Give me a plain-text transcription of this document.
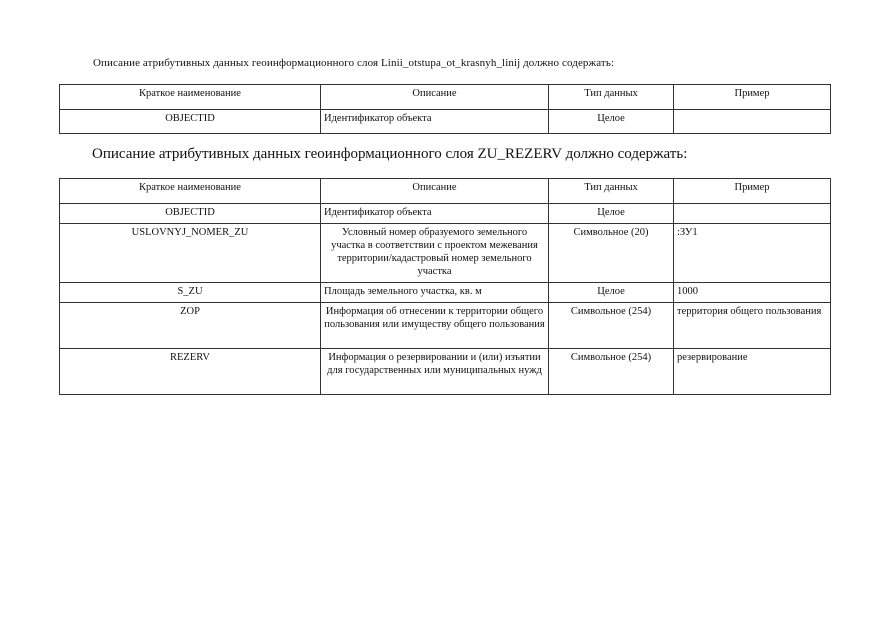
Описание атрибутивных данных геоинформационного слоя Linii_otstupa_ot_krasnyh_linij должно содержать:
Краткое наименование	Описание	Тип данных	Пример
OBJECTID	Идентификатор объекта	Целое	
Описание атрибутивных данных геоинформационного слоя ZU_REZERV должно содержать:
Краткое наименование	Описание	Тип данных	Пример
OBJECTID	Идентификатор объекта	Целое	
USLOVNYJ_NOMER_ZU	Условный номер образуемого земельного участка в соответствии с проектом межевания территории/кадастровый номер земельного участка	Символьное (20)	:ЗУ1
S_ZU	Площадь земельного участка, кв. м	Целое	1000
ZOP	Информация об отнесении к территории общего пользования или имуществу общего пользования	Символьное (254)	территория общего пользования
REZERV	Информация о резервировании и (или) изъятии для государственных или муниципальных нужд	Символьное (254)	резервирование
